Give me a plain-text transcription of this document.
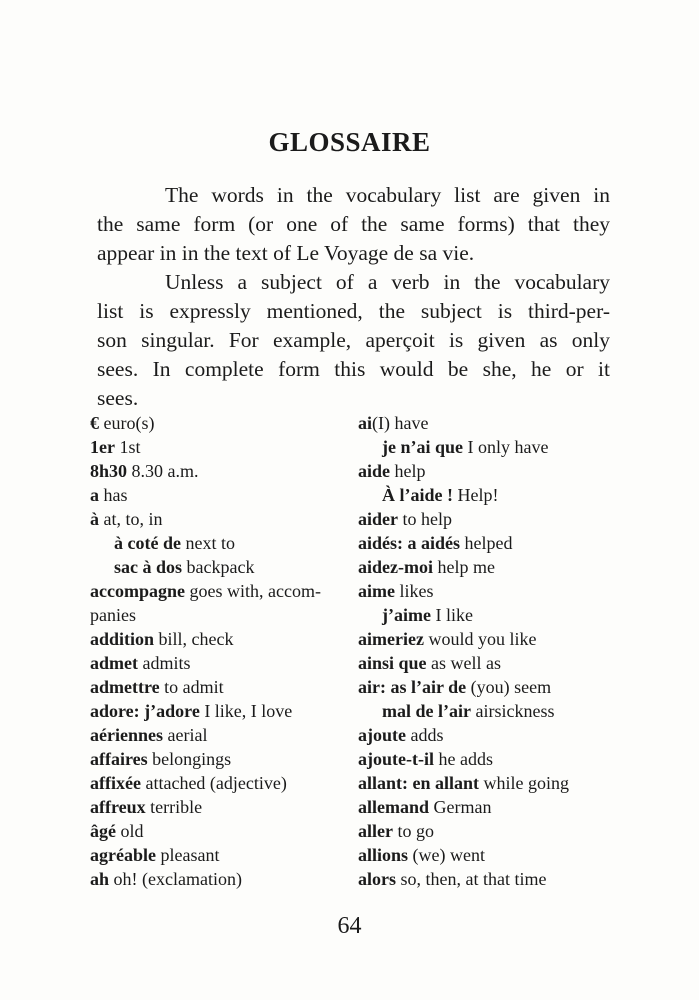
GLOSSAIRE
The words in the vocabulary list are given in
the same form (or one of the same forms) that they
appear in in the text of Le Voyage de sa vie.
Unless a subject of a verb in the vocabulary
list is expressly mentioned, the subject is third-per-
son singular. For example, aperçoit is given as only
sees. In complete form this would be she, he or it
sees.
€ euro(s)
1er 1st
8h30 8.30 a.m.
a has
à at, to, in
à coté de next to
sac à dos backpack
accompagne goes with, accom-
panies
addition bill, check
admet admits
admettre to admit
adore: j’adore I like, I love
aériennes aerial
affaires belongings
affixée attached (adjective)
affreux terrible
âgé old
agréable pleasant
ah oh! (exclamation)
ai(I) have
je n’ai que I only have
aide help
À l’aide ! Help!
aider to help
aidés: a aidés helped
aidez-moi help me
aime likes
j’aime I like
aimeriez would you like
ainsi que as well as
air: as l’air de (you) seem
mal de l’air airsickness
ajoute adds
ajoute-t-il he adds
allant: en allant while going
allemand German
aller to go
allions (we) went
alors so, then, at that time
64
